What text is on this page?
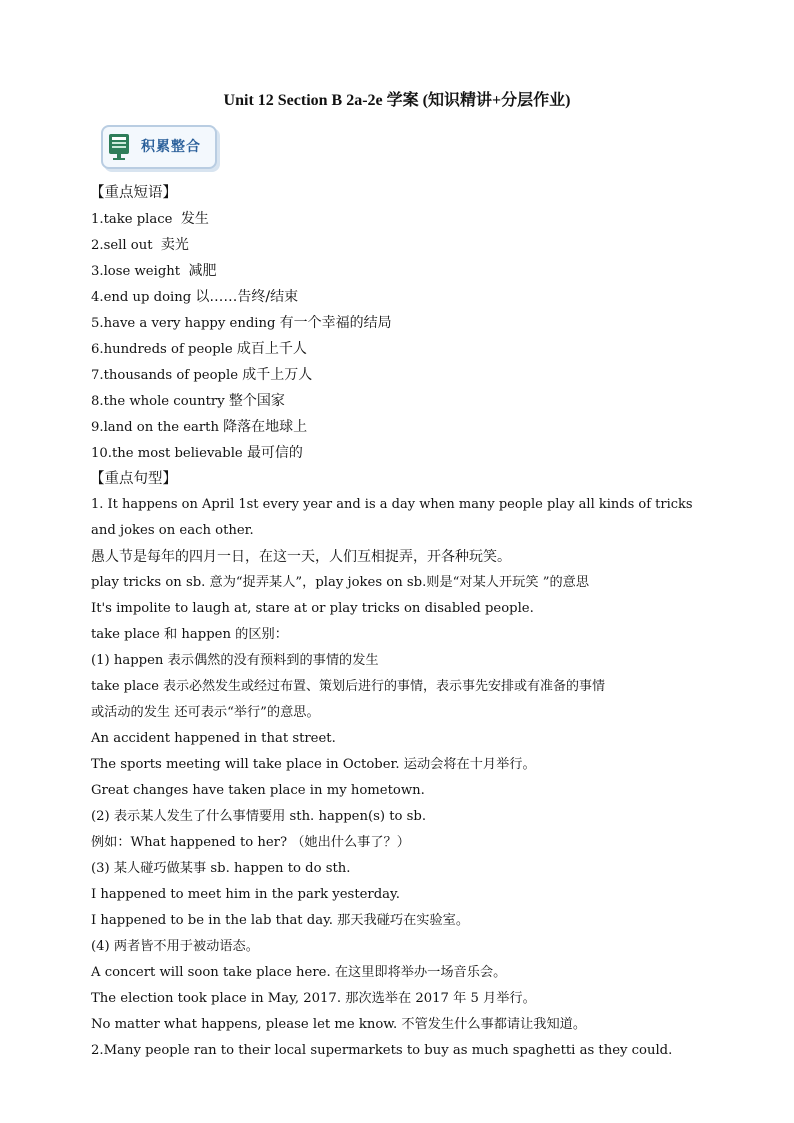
Unit 12 Section B 2a-2e 学案 (知识精讲+分层作业)
积累整合
【重点短语】
1.take place 发生
2.sell out 卖光
3.lose weight 减肥
4.end up doing 以……告终/结束
5.have a very happy ending 有一个幸福的结局
6.hundreds of people 成百上千人
7.thousands of people 成千上万人
8.the whole country 整个国家
9.land on the earth 降落在地球上
10.the most believable 最可信的
【重点句型】
1. It happens on April 1st every year and is a day when many people play all kinds of tricks
and jokes on each other.
愚人节是每年的四月一日，在这一天，人们互相捉弄，开各种玩笑。
play tricks on sb. 意为“捉弄某人”，play jokes on sb.则是“对某人开玩笑 ”的意思
It's impolite to laugh at, stare at or play tricks on disabled people.
take place 和 happen 的区别：
(1) happen 表示偶然的没有预料到的事情的发生
take place 表示必然发生或经过布置、策划后进行的事情，表示事先安排或有准备的事情
或活动的发生 还可表示“举行”的意思。
An accident happened in that street.
The sports meeting will take place in October. 运动会将在十月举行。
Great changes have taken place in my hometown.
(2) 表示某人发生了什么事情要用 sth. happen(s) to sb.
例如：What happened to her? （她出什么事了？）
(3) 某人碰巧做某事 sb. happen to do sth.
I happened to meet him in the park yesterday.
I happened to be in the lab that day. 那天我碰巧在实验室。
(4) 两者皆不用于被动语态。
A concert will soon take place here. 在这里即将举办一场音乐会。
The election took place in May, 2017. 那次选举在 2017 年 5 月举行。
No matter what happens, please let me know. 不管发生什么事都请让我知道。
2.Many people ran to their local supermarkets to buy as much spaghetti as they could.
